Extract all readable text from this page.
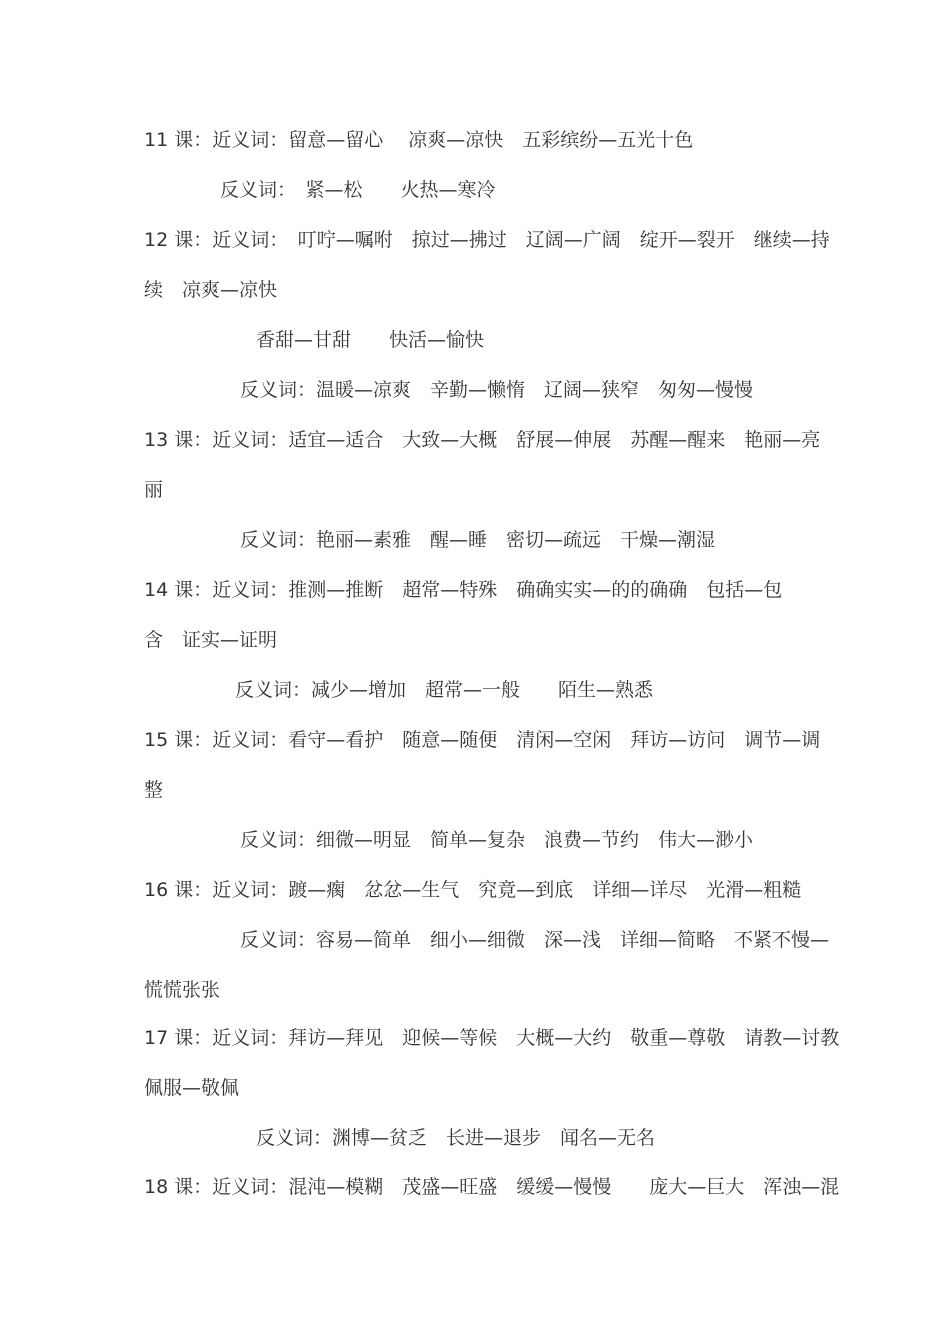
11 课：近义词：留意—留心　 凉爽—凉快　五彩缤纷—五光十色
反义词：　紧—松　　火热—寒冷
12 课：近义词：　叮咛—嘱咐　掠过—拂过　辽阔—广阔　绽开—裂开　继续—持
续　凉爽—凉快
香甜—甘甜　　快活—愉快
反义词：温暖—凉爽　辛勤—懒惰　辽阔—狭窄　匆匆—慢慢
13 课：近义词：适宜—适合　大致—大概　舒展—伸展　苏醒—醒来　艳丽—亮
丽
反义词：艳丽—素雅　醒—睡　密切—疏远　干燥—潮湿
14 课：近义词：推测—推断　超常—特殊　确确实实—的的确确　包括—包
含　证实—证明
反义词：减少—增加　超常—一般　　陌生—熟悉
15 课：近义词：看守—看护　随意—随便　清闲—空闲　拜访—访问　调节—调
整
反义词：细微—明显　简单—复杂　浪费—节约　伟大—渺小
16 课：近义词：踱—瘸　忿忿—生气　究竟—到底　详细—详尽　光滑—粗糙
反义词：容易—简单　细小—细微　深—浅　详细—简略　不紧不慢—
慌慌张张
17 课：近义词：拜访—拜见　迎候—等候　大概—大约　敬重—尊敬　请教—讨教
佩服—敬佩
反义词：渊博—贫乏　长进—退步　闻名—无名
18 课：近义词：混沌—模糊　茂盛—旺盛　缓缓—慢慢　　庞大—巨大　浑浊—混
